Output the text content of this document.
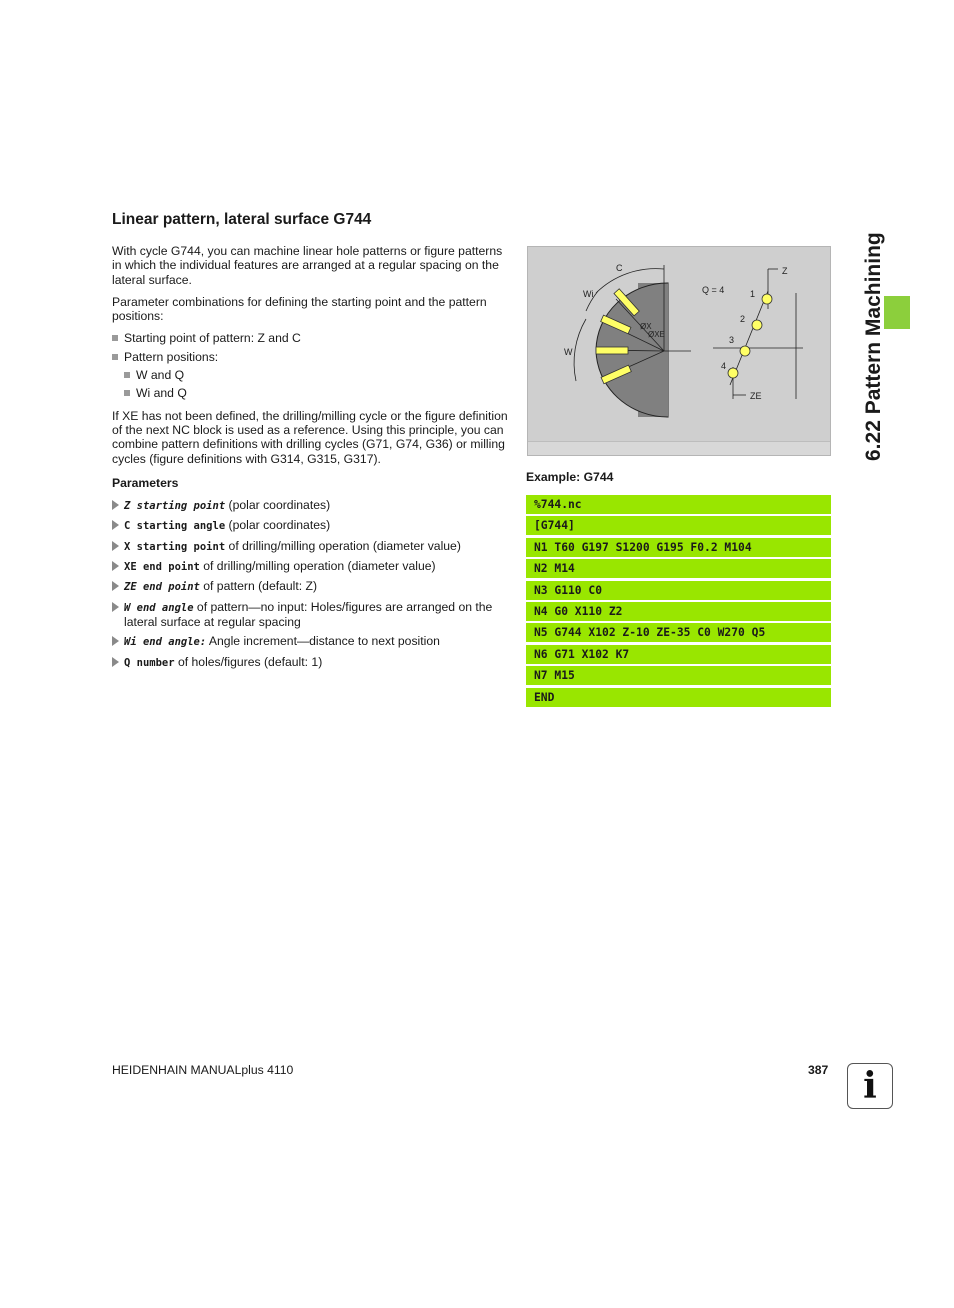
Linear pattern, lateral surface G744

With cycle G744, you can machine linear hole patterns or figure patterns in which the individual features are arranged at a regular spacing on the lateral surface.

Parameter combinations for defining the starting point and the pattern positions:

Starting point of pattern: Z and C
Pattern positions:
W and Q
Wi and Q

If XE has not been defined, the drilling/milling cycle or the figure definition of the next NC block is used as a reference. Using this principle, you can combine pattern definitions with drilling cycles (G71, G74, G36) or milling cycles (figure definitions with G314, G315, G317).

Parameters
Z starting point (polar coordinates)
C starting angle (polar coordinates)
X starting point of drilling/milling operation (diameter value)
XE end point of drilling/milling operation (diameter value)
ZE end point of pattern (default: Z)
W end angle of pattern—no input: Holes/figures are arranged on the lateral surface at regular spacing
Wi end angle: Angle increment—distance to next position
Q number of holes/figures (default: 1)
C
Wi
W
ØX
ØXE
Q = 4
Z
ZE
1
2
3
4
Example: G744
%744.nc
[G744]
N1 T60 G197 S1200 G195 F0.2 M104
N2 M14
N3 G110 C0
N4 G0 X110 Z2
N5 G744 X102 Z-10 ZE-35 C0 W270 Q5
N6 G71 X102 K7
N7 M15
END
6.22 Pattern Machining
HEIDENHAIN MANUALplus 4110	387 i
